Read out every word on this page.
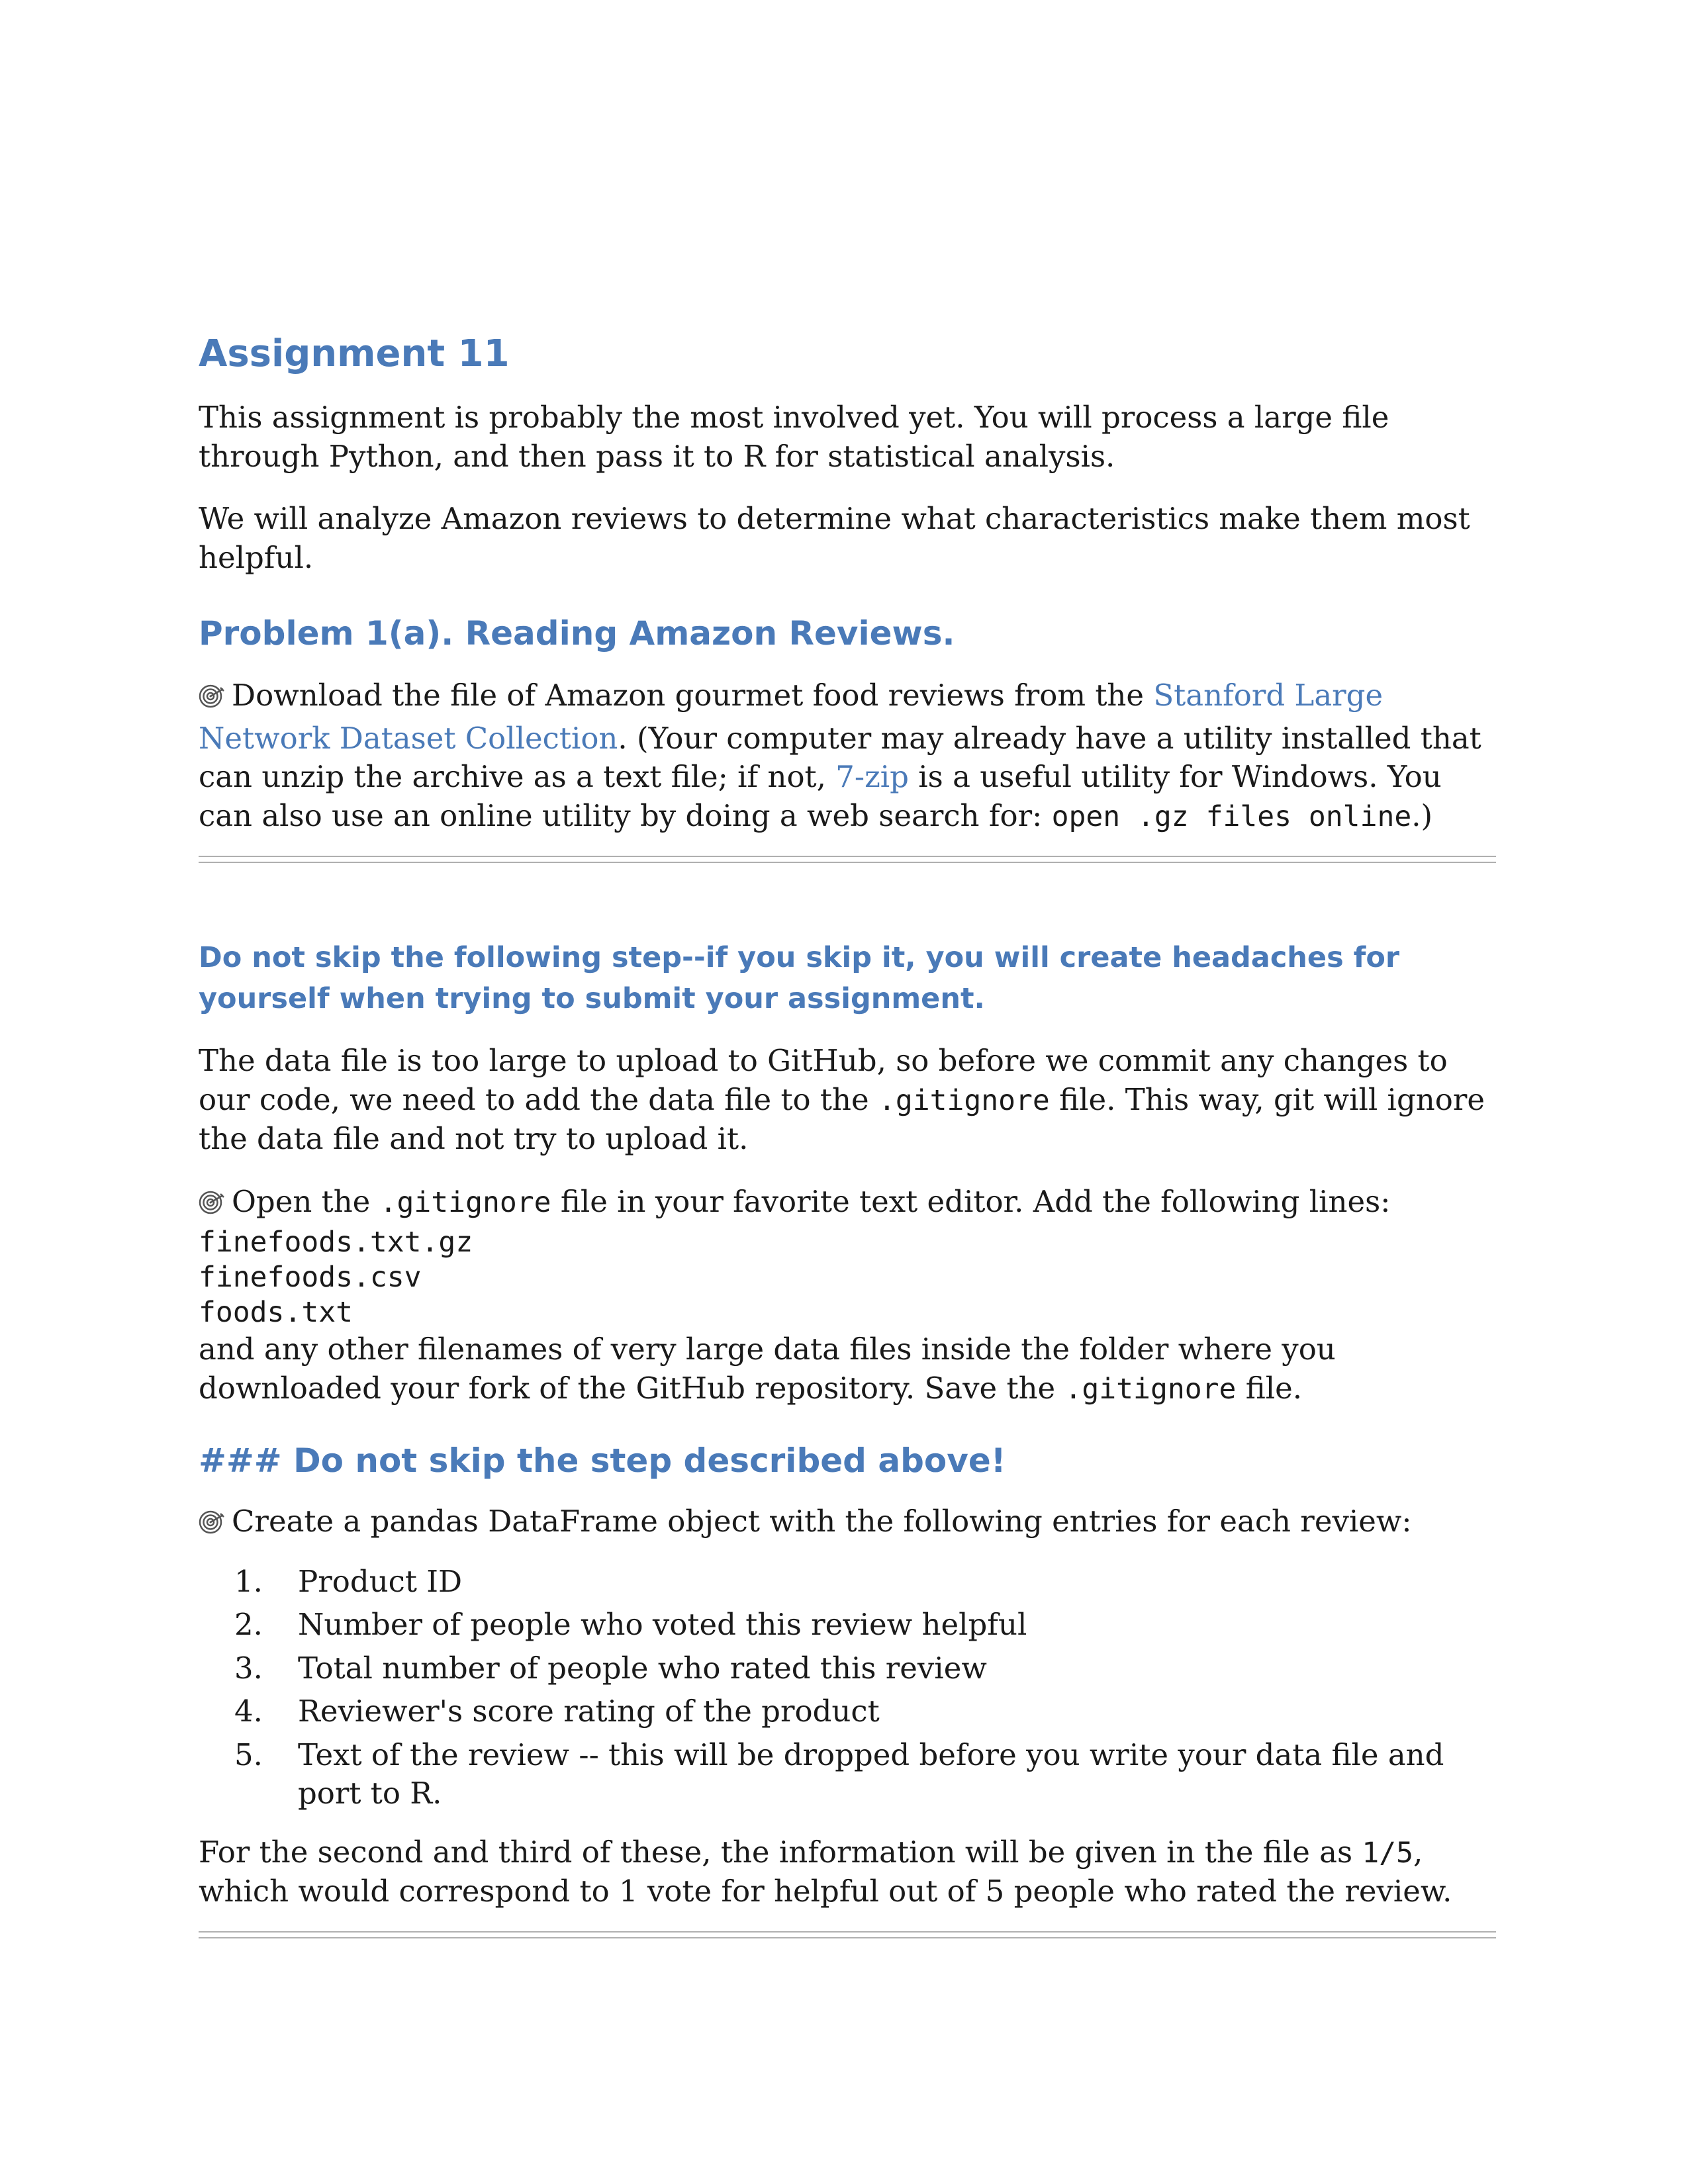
Assignment 11

This assignment is probably the most involved yet. You will process a large file through Python, and then pass it to R for statistical analysis.

We will analyze Amazon reviews to determine what characteristics make them most helpful.

Problem 1(a). Reading Amazon Reviews.

Download the file of Amazon gourmet food reviews from the Stanford Large Network Dataset Collection. (Your computer may already have a utility installed that can unzip the archive as a text file; if not, 7-zip is a useful utility for Windows. You can also use an online utility by doing a web search for: open .gz files online.)

Do not skip the following step--if you skip it, you will create headaches for yourself when trying to submit your assignment.

The data file is too large to upload to GitHub, so before we commit any changes to our code, we need to add the data file to the .gitignore file. This way, git will ignore the data file and not try to upload it.

Open the .gitignore file in your favorite text editor. Add the following lines:

finefoods.txt.gz
finefoods.csv
foods.txt

and any other filenames of very large data files inside the folder where you downloaded your fork of the GitHub repository. Save the .gitignore file.

### Do not skip the step described above!

Create a pandas DataFrame object with the following entries for each review:

1. Product ID
2. Number of people who voted this review helpful
3. Total number of people who rated this review
4. Reviewer's score rating of the product
5. Text of the review -- this will be dropped before you write your data file and port to R.

For the second and third of these, the information will be given in the file as 1/5, which would correspond to 1 vote for helpful out of 5 people who rated the review.
